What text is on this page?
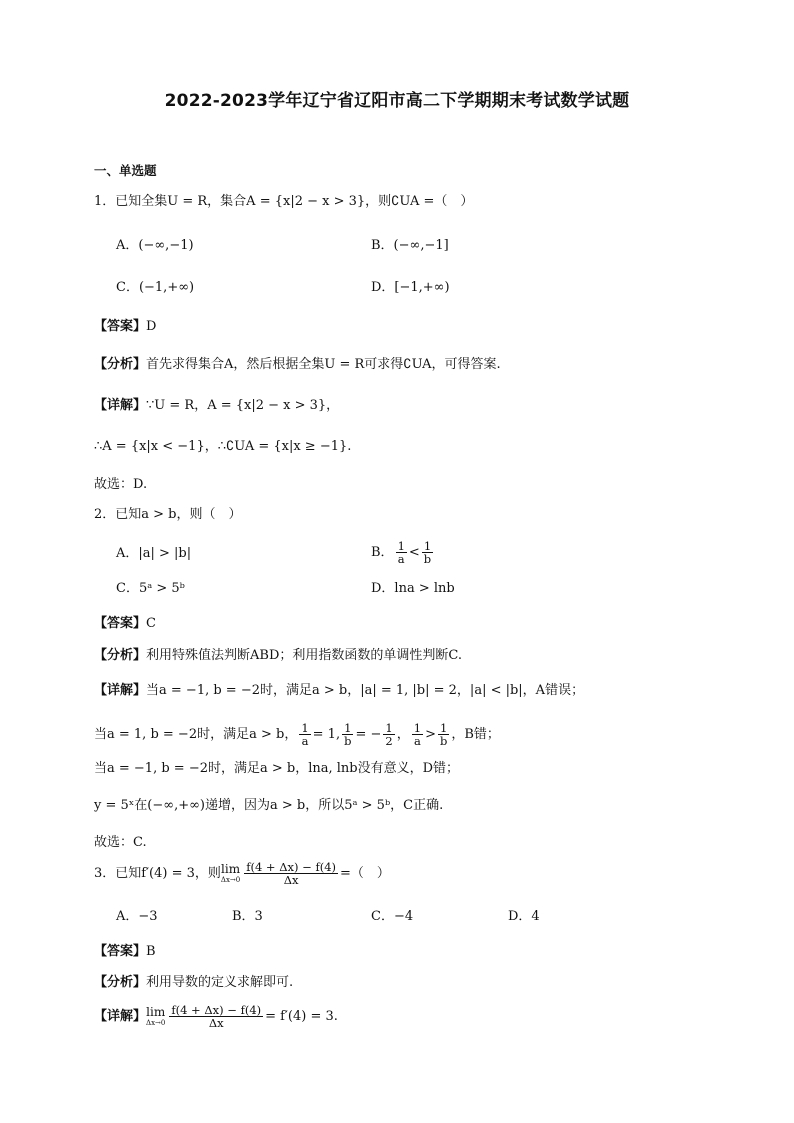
2022-2023学年辽宁省辽阳市高二下学期期末考试数学试题
一、单选题
1．已知全集U = R，集合A = {x|2 − x > 3}，则∁UA =（　）
A．(−∞,−1)	B．(−∞,−1]
C．(−1,+∞)	D．[−1,+∞)
【答案】D
【分析】首先求得集合A，然后根据全集U = R可求得∁UA，可得答案.
【详解】∵U = R，A = {x|2 − x > 3}，
∴A = {x|x < −1}，∴∁UA = {x|x ≥ −1}.
故选：D.
2．已知a > b，则（　）
A．|a| > |b|	B． $\frac{1}{a} < \frac{1}{b}$
C．5ᵃ > 5ᵇ	D．lna > lnb
【答案】C
【分析】利用特殊值法判断ABD；利用指数函数的单调性判断C.
【详解】当a = −1, b = −2时，满足a > b，|a| = 1, |b| = 2，|a| < |b|，A错误；
当a = 1, b = −2时，满足a > b， $\frac{1}{a} = 1$, $\frac{1}{b}$ = − $\frac{1}{2}$ ， $\frac{1}{a} > \frac{1}{b}$ ，B错；
当a = −1, b = −2时，满足a > b，lna, lnb没有意义，D错；
y = 5ˣ在(−∞,+∞)递增，因为a > b，所以5ᵃ > 5ᵇ，C正确.
故选：C.
3．已知f′(4) = 3，则 lim
$\Delta x\to 0 \frac{f(4 + \Delta x) - f(4)}{\Delta x}$ =（　）
A．−3	B．3	C．−4	D．4
【答案】B
【分析】利用导数的定义求解即可.
【详解】 lim
$\Delta x\to 0 \frac{f(4 + \Delta x) - f(4)}{\Delta x} = f'(4) = 3$.
